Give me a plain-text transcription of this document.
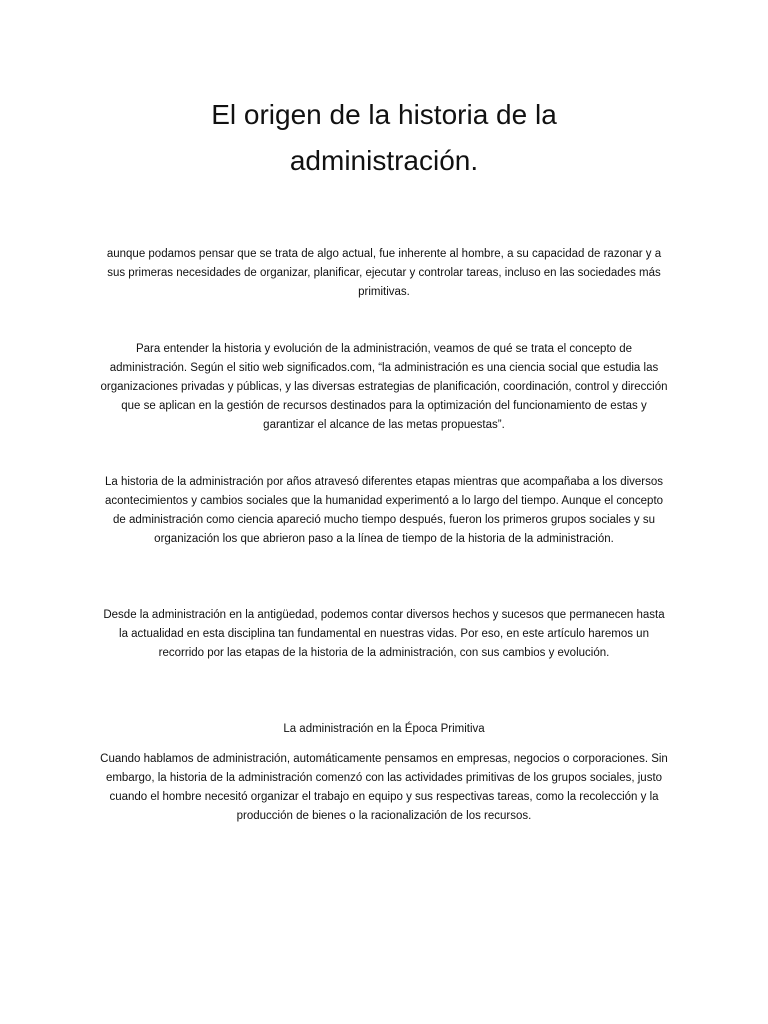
El origen de la historia de la administración.

aunque podamos pensar que se trata de algo actual, fue inherente al hombre, a su capacidad de razonar y a sus primeras necesidades de organizar, planificar, ejecutar y controlar tareas, incluso en las sociedades más primitivas.

Para entender la historia y evolución de la administración, veamos de qué se trata el concepto de administración. Según el sitio web significados.com, “la administración es una ciencia social que estudia las organizaciones privadas y públicas, y las diversas estrategias de planificación, coordinación, control y dirección que se aplican en la gestión de recursos destinados para la optimización del funcionamiento de estas y garantizar el alcance de las metas propuestas”.

La historia de la administración por años atravesó diferentes etapas mientras que acompañaba a los diversos acontecimientos y cambios sociales que la humanidad experimentó a lo largo del tiempo. Aunque el concepto de administración como ciencia apareció mucho tiempo después, fueron los primeros grupos sociales y su organización los que abrieron paso a la línea de tiempo de la historia de la administración.

Desde la administración en la antigüedad, podemos contar diversos hechos y sucesos que permanecen hasta la actualidad en esta disciplina tan fundamental en nuestras vidas. Por eso, en este artículo haremos un recorrido por las etapas de la historia de la administración, con sus cambios y evolución.

La administración en la Época Primitiva

Cuando hablamos de administración, automáticamente pensamos en empresas, negocios o corporaciones. Sin embargo, la historia de la administración comenzó con las actividades primitivas de los grupos sociales, justo cuando el hombre necesitó organizar el trabajo en equipo y sus respectivas tareas, como la recolección y la producción de bienes o la racionalización de los recursos.
